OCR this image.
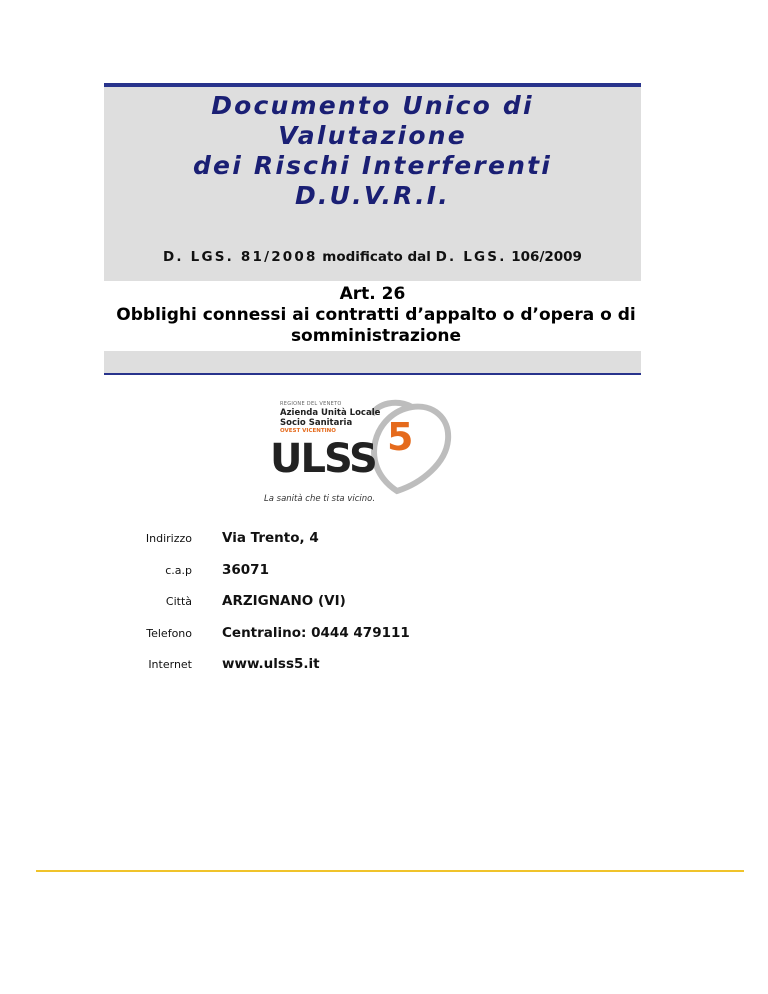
Documento Unico di
Valutazione
dei Rischi Interferenti
D.U.V.R.I.
D. LGS. 81/2008 modificato dal D. LGS. 106/2009
Art. 26
Obblighi connessi ai contratti d’appalto o d’opera o di somministrazione
REGIONE DEL VENETO
Azienda Unità Locale
Socio Sanitaria
OVEST VICENTINO
ULSS 5
La sanità che ti sta vicino.
Indirizzo Via Trento, 4
c.a.p 36071
Città ARZIGNANO (VI)
Telefono Centralino: 0444 479111
Internet www.ulss5.it
